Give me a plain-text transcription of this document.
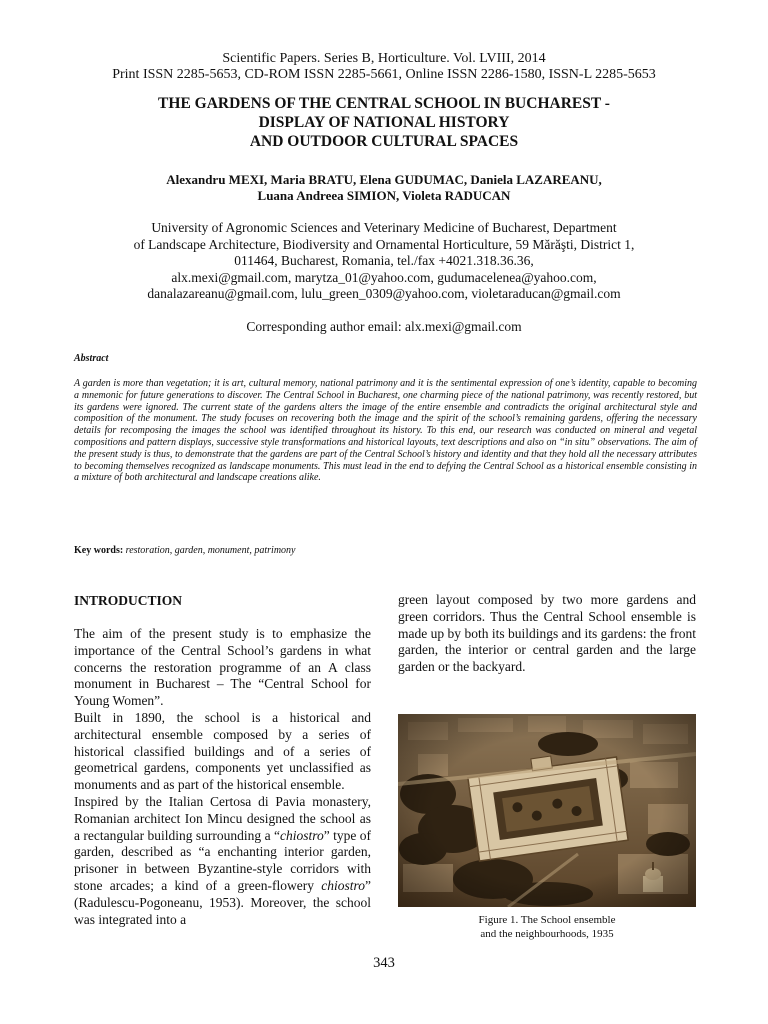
Scientific Papers. Series B, Horticulture. Vol. LVIII, 2014
Print ISSN 2285-5653, CD-ROM ISSN 2285-5661, Online ISSN 2286-1580, ISSN-L 2285-5653
THE GARDENS OF THE CENTRAL SCHOOL IN BUCHAREST -
DISPLAY OF NATIONAL HISTORY
AND OUTDOOR CULTURAL SPACES
Alexandru MEXI, Maria BRATU, Elena GUDUMAC, Daniela LAZAREANU,
Luana Andreea SIMION, Violeta RADUCAN
University of Agronomic Sciences and Veterinary Medicine of Bucharest, Department
of Landscape Architecture, Biodiversity and Ornamental Horticulture, 59 Mărăşti, District 1,
011464, Bucharest, Romania, tel./fax +4021.318.36.36,
alx.mexi@gmail.com, marytza_01@yahoo.com, gudumacelenea@yahoo.com,
danalazareanu@gmail.com, lulu_green_0309@yahoo.com, violetaraducan@gmail.com
Corresponding author email: alx.mexi@gmail.com
Abstract
A garden is more than vegetation; it is art, cultural memory, national patrimony and it is the sentimental expression of one’s identity, capable to becoming a mnemonic for future generations to discover. The Central School in Bucharest, one charming piece of the national patrimony, was recently restored, but its gardens were ignored. The current state of the gardens alters the image of the entire ensemble and contradicts the original architectural style and composition of the monument. The study focuses on recovering both the image and the spirit of the school’s remaining gardens, offering the necessary details for recomposing the images the school was identified throughout its history. To this end, our research was conducted on mineral and vegetal compositions and pattern displays, successive style transformations and historical layouts, text descriptions and also on “in situ” observations. The aim of the present study is thus, to demonstrate that the gardens are part of the Central School’s history and identity and that they hold all the necessary attributes to becoming themselves recognized as landscape monuments. This must lead in the end to defying the Central School as a historical ensemble consisting in a mixture of both architectural and landscape creations alike.
Key words: restoration, garden, monument, patrimony
INTRODUCTION

The aim of the present study is to emphasize the importance of the Central School’s gardens in what concerns the restoration programme of an A class monument in Bucharest – The “Central School for Young Women”.

Built in 1890, the school is a historical and architectural ensemble composed by a series of historical classified buildings and of a series of geometrical gardens, components yet unclassified as monuments and as part of the historical ensemble.

Inspired by the Italian Certosa di Pavia monastery, Romanian architect Ion Mincu designed the school as a rectangular building surrounding a “chiostro” type of garden, described as “a enchanting interior garden, prisoner in between Byzantine-style corridors with stone arcades; a kind of a green-flowery chiostro” (Radulescu-Pogoneanu, 1953). Moreover, the school was integrated into a

green layout composed by two more gardens and green corridors. Thus the Central School ensemble is made up by both its buildings and its gardens: the front garden, the interior or central garden and the large garden or the backyard.
Figure 1. The School ensemble
and the neighbourhoods, 1935
343
